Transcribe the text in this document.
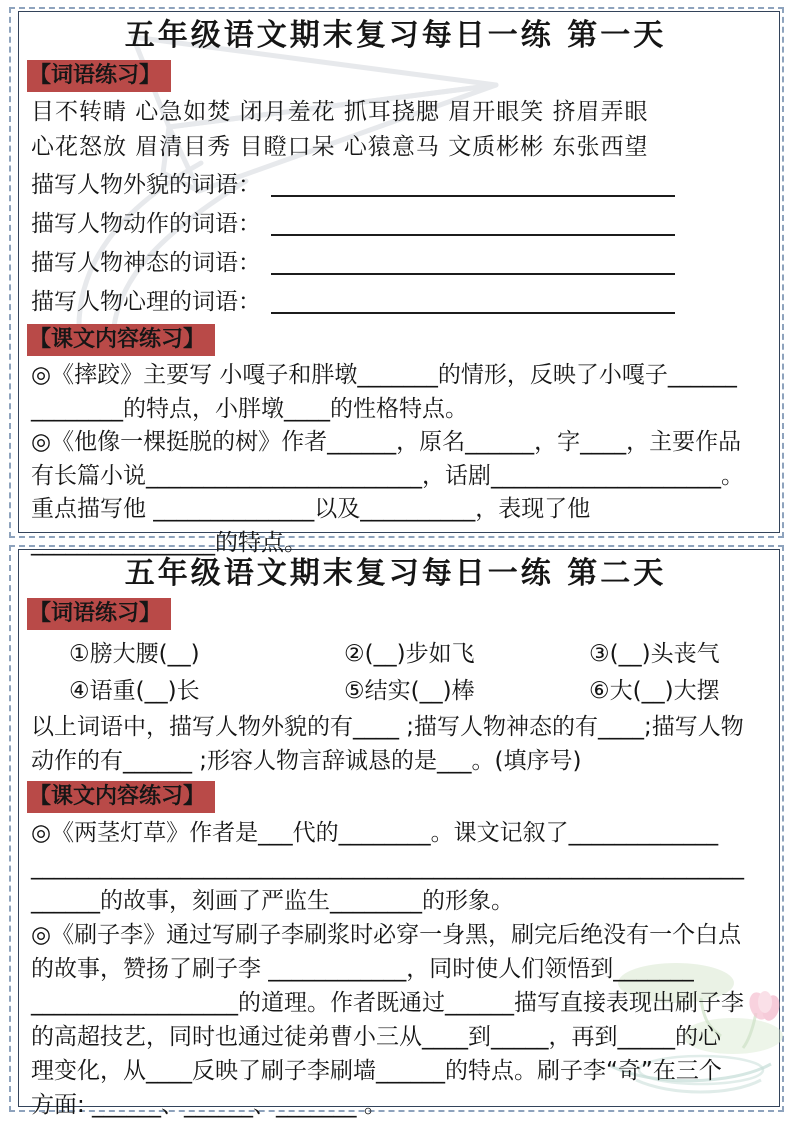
五年级语文期末复习每日一练 第一天
【词语练习】
目不转睛 心急如焚 闭月羞花 抓耳挠腮 眉开眼笑 挤眉弄眼
心花怒放 眉清目秀 目瞪口呆 心猿意马 文质彬彬 东张西望
描写人物外貌的词语：
描写人物动作的词语：
描写人物神态的词语：
描写人物心理的词语：
【课文内容练习】
◎《摔跤》主要写 小嘎子和胖墩_______的情形，反映了小嘎子______
________的特点，小胖墩____的性格特点。
◎《他像一棵挺脱的树》作者______，原名______，字____，主要作品
有长篇小说________________________，话剧____________________。
重点描写他 ______________以及__________，表现了他
________________的特点。
五年级语文期末复习每日一练 第二天
【词语练习】
①膀大腰(__)	②(__)步如飞	③(__)头丧气
④语重(__)长	⑤结实(__)棒	⑥大(__)大摆
以上词语中，描写人物外貌的有____ ;描写人物神态的有____;描写人物
动作的有______ ;形容人物言辞诚恳的是___。(填序号)
【课文内容练习】
◎《两茎灯草》作者是___代的________。课文记叙了_____________
______________________________________________________________
______的故事，刻画了严监生________的形象。
◎《刷子李》通过写刷子李刷浆时必穿一身黑，刷完后绝没有一个白点
的故事，赞扬了刷子李 ____________，同时使人们领悟到_______
__________________的道理。作者既通过______描写直接表现出刷子李
的高超技艺，同时也通过徒弟曹小三从____到_____，再到_____的心
理变化，从____反映了刷子李刷墙______的特点。刷子李“奇”在三个
方面: ______、______、_______ 。
